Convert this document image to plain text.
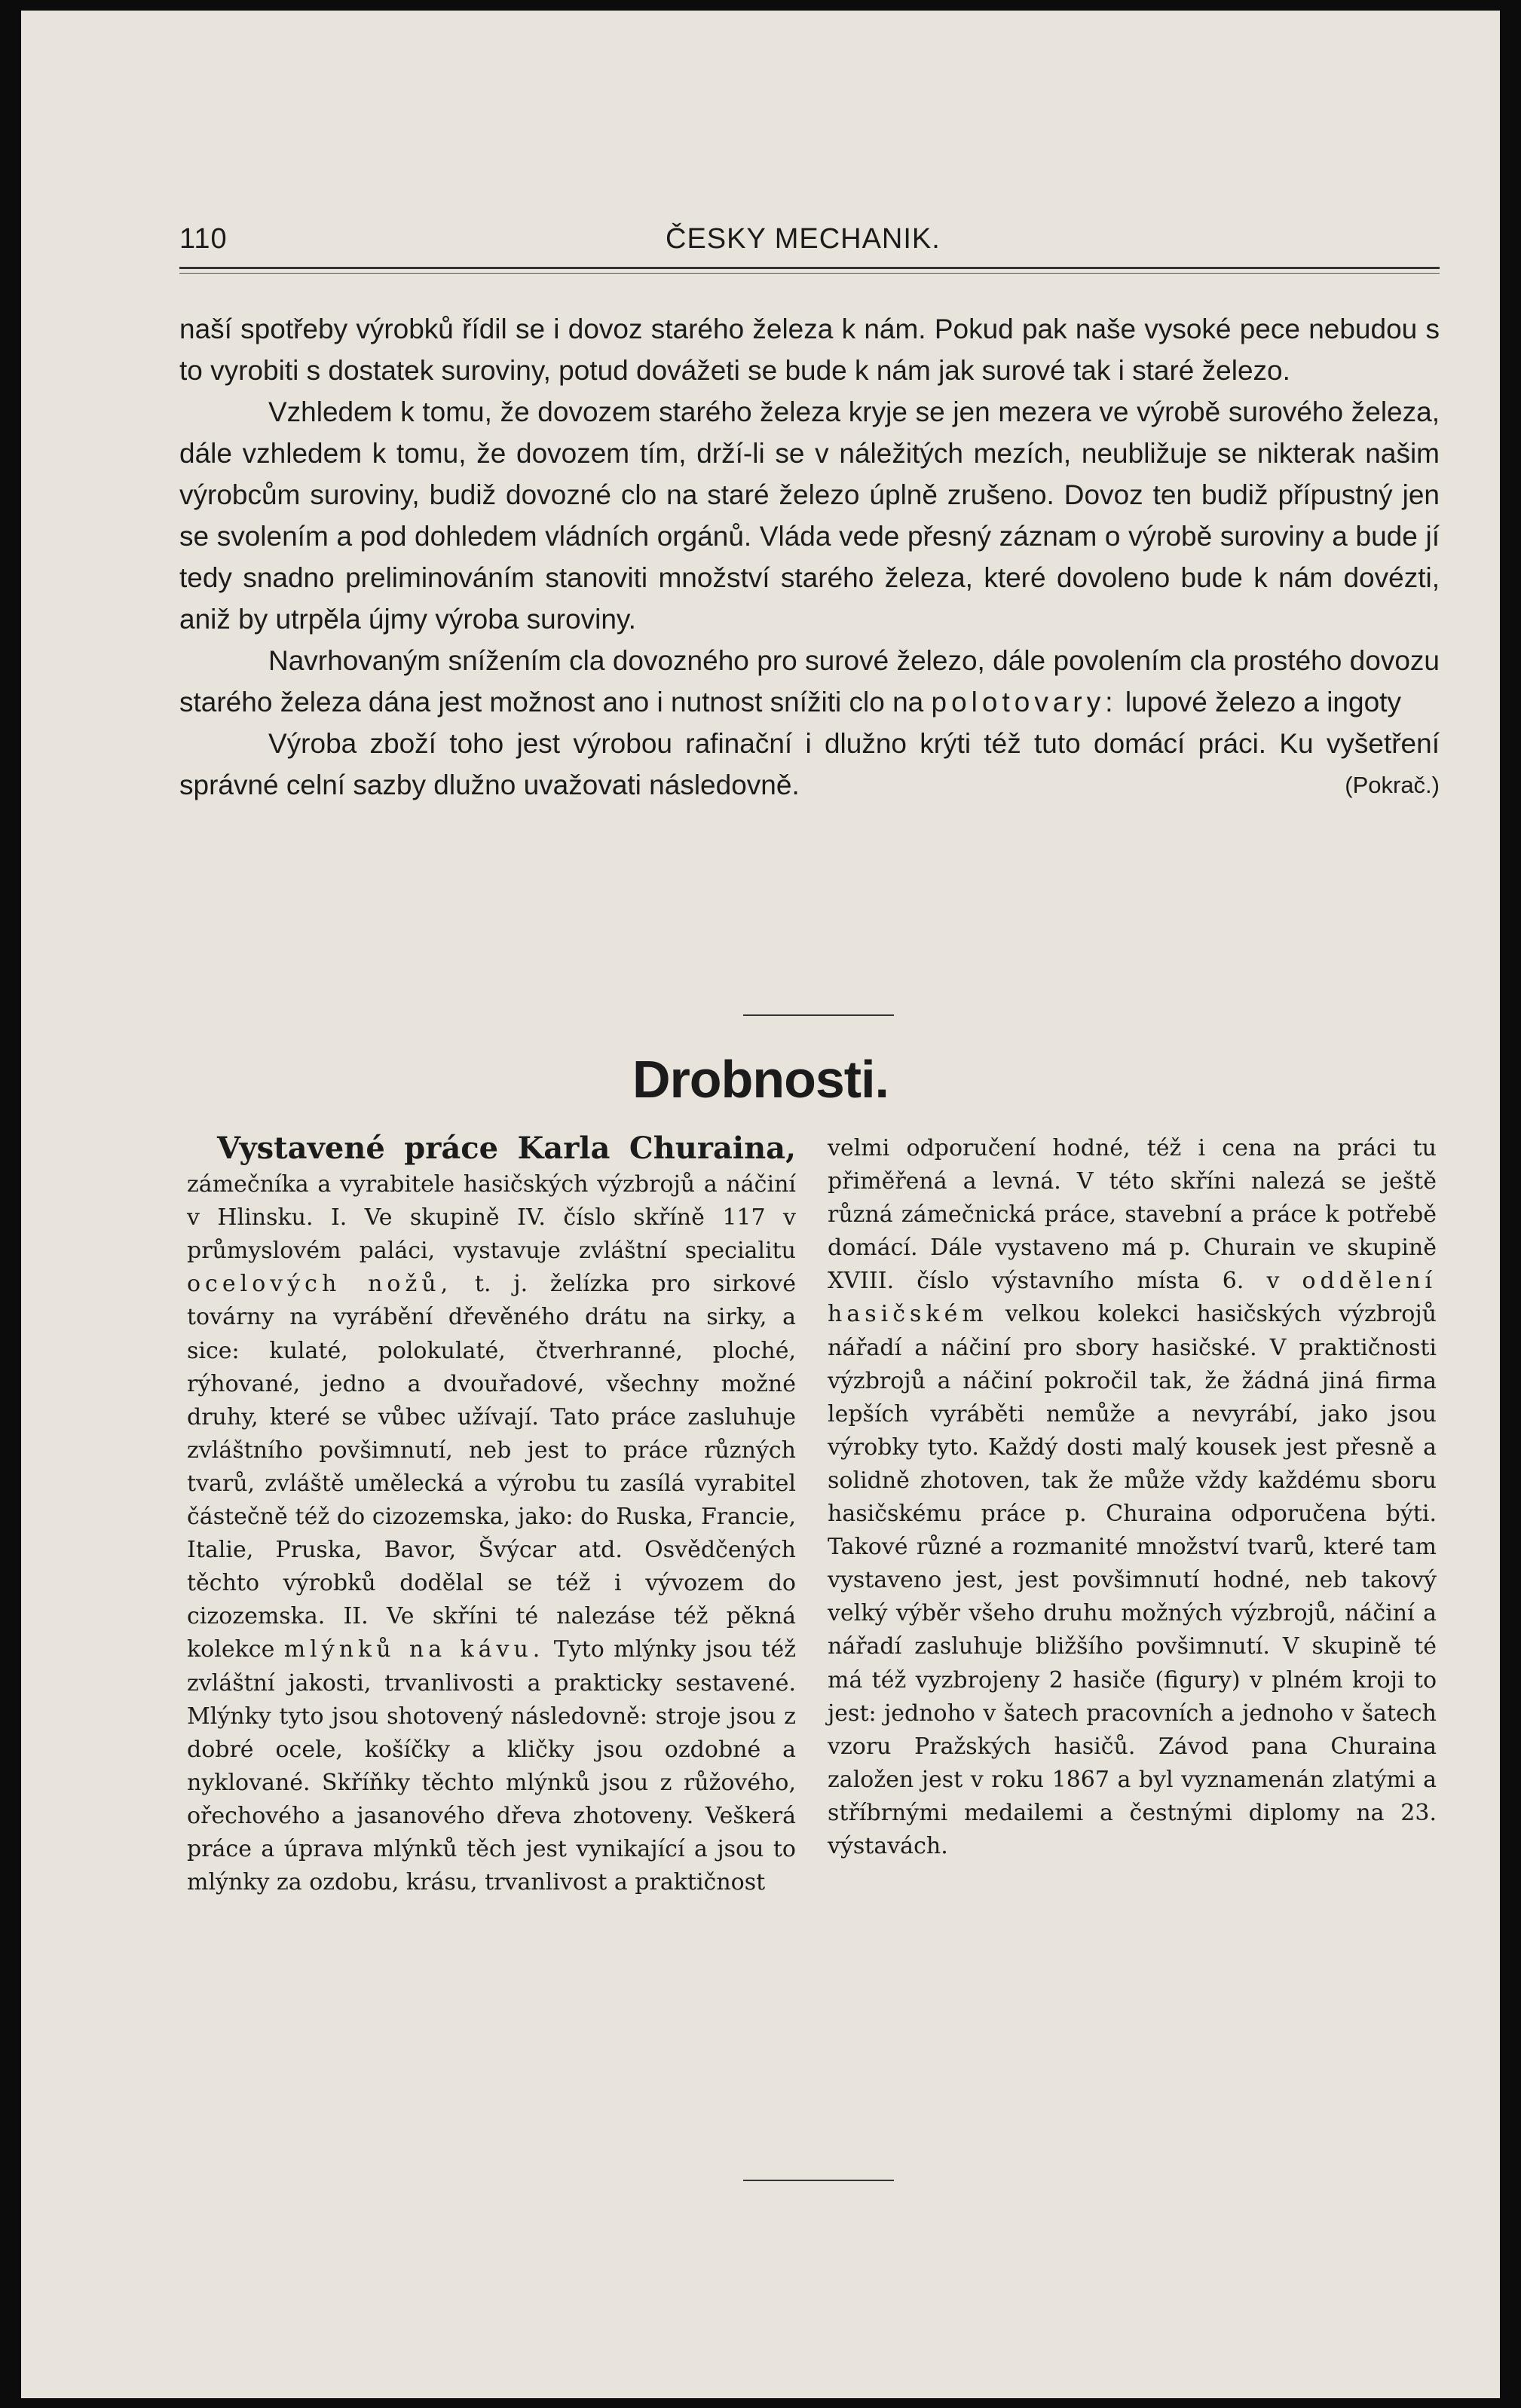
110	ČESKY MECHANIK.

naší spotřeby výrobků řídil se i dovoz starého železa k nám. Pokud pak naše vysoké pece nebudou s to vyrobiti s dostatek suroviny, potud dovážeti se bude k nám jak surové tak i staré železo.

Vzhledem k tomu, že dovozem starého železa kryje se jen mezera ve výrobě surového železa, dále vzhledem k tomu, že dovozem tím, drží-li se v náležitých mezích, neubližuje se nikterak našim výrobcům suroviny, budiž dovozné clo na staré železo úplně zrušeno. Dovoz ten budiž přípustný jen se svolením a pod dohledem vládních orgánů. Vláda vede přesný záznam o výrobě suroviny a bude jí tedy snadno preliminováním stanoviti množství starého železa, které dovoleno bude k nám dovézti, aniž by utrpěla újmy výroba suroviny.

Navrhovaným snížením cla dovozného pro surové železo, dále povolením cla prostého dovozu starého železa dána jest možnost ano i nutnost snížiti clo na polotovary: lupové železo a ingoty

Výroba zboží toho jest výrobou rafinační i dlužno krýti též tuto domácí práci. Ku vyšetření správné celní sazby dlužno uvažovati následovně.	(Pokrač.)

Drobnosti.

Vystavené práce Karla Churaina, zámečníka a vyrabitele hasičských výzbrojů a náčiní v Hlinsku. I. Ve skupině IV. číslo skříně 117 v průmyslovém paláci, vystavuje zvláštní specialitu ocelových nožů, t. j. želízka pro sirkové továrny na vyrábění dřevěného drátu na sirky, a sice: kulaté, polokulaté, čtverhranné, ploché, rýhované, jedno a dvouřadové, všechny možné druhy, které se vůbec užívají. Tato práce zasluhuje zvláštního povšimnutí, neb jest to práce různých tvarů, zvláště umělecká a výrobu tu zasílá vyrabitel částečně též do cizozemska, jako: do Ruska, Francie, Italie, Pruska, Bavor, Švýcar atd. Osvědčených těchto výrobků dodělal se též i vývozem do cizozemska. II. Ve skříni té nalezáse též pěkná kolekce mlýnků na kávu. Tyto mlýnky jsou též zvláštní jakosti, trvanlivosti a prakticky sestavené. Mlýnky tyto jsou shotovený následovně: stroje jsou z dobré ocele, košíčky a kličky jsou ozdobné a nyklované. Skříňky těchto mlýnků jsou z růžového, ořechového a jasanového dřeva zhotoveny. Veškerá práce a úprava mlýnků těch jest vynikající a jsou to mlýnky za ozdobu, krásu, trvanlivost a praktičnost

velmi odporučení hodné, též i cena na práci tu přiměřená a levná. V této skříni nalezá se ještě různá zámečnická práce, stavební a práce k potřebě domácí. Dále vystaveno má p. Churain ve skupině XVIII. číslo výstavního místa 6. v oddělení hasičském velkou kolekci hasičských výzbrojů nářadí a náčiní pro sbory hasičské. V praktičnosti výzbrojů a náčiní pokročil tak, že žádná jiná firma lepších vyráběti nemůže a nevyrábí, jako jsou výrobky tyto. Každý dosti malý kousek jest přesně a solidně zhotoven, tak že může vždy každému sboru hasičskému práce p. Churaina odporučena býti. Takové různé a rozmanité množství tvarů, které tam vystaveno jest, jest povšimnutí hodné, neb takový velký výběr všeho druhu možných výzbrojů, náčiní a nářadí zasluhuje bližšího povšimnutí. V skupině té má též vyzbrojeny 2 hasiče (figury) v plném kroji to jest: jednoho v šatech pracovních a jednoho v šatech vzoru Pražských hasičů. Závod pana Churaina založen jest v roku 1867 a byl vyznamenán zlatými a stříbrnými medailemi a čestnými diplomy na 23. výstavách.
